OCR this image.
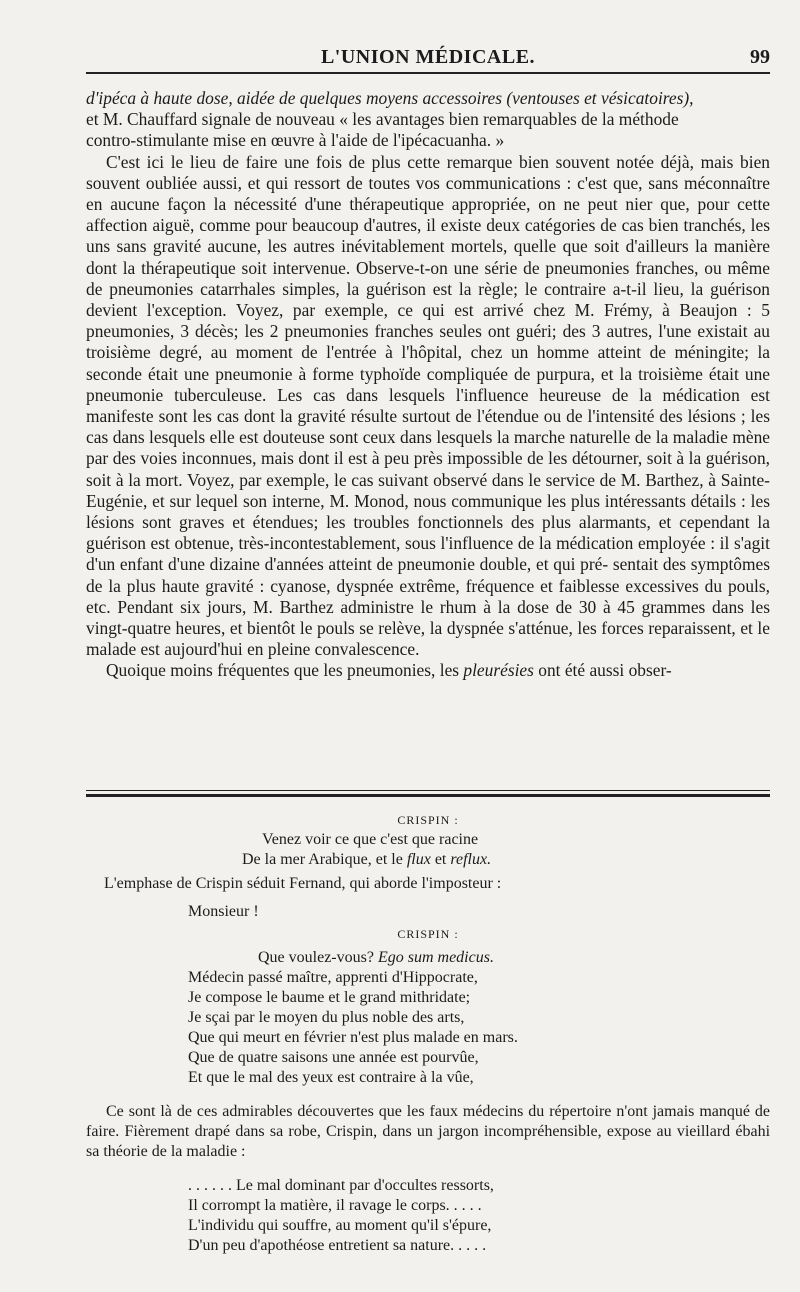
L'UNION MÉDICALE.	99

d'ipéca à haute dose, aidée de quelques moyens accessoires (ventouses et vésicatoires),
et M. Chauffard signale de nouveau « les avantages bien remarquables de la méthode
contro-stimulante mise en œuvre à l'aide de l'ipécacuanha. »

C'est ici le lieu de faire une fois de plus cette remarque bien souvent notée déjà, mais bien souvent oubliée aussi, et qui ressort de toutes vos communications : c'est que, sans méconnaître en aucune façon la nécessité d'une thérapeutique appropriée, on ne peut nier que, pour cette affection aiguë, comme pour beaucoup d'autres, il existe deux catégories de cas bien tranchés, les uns sans gravité aucune, les autres inévitablement mortels, quelle que soit d'ailleurs la manière dont la thérapeutique soit intervenue. Observe-t-on une série de pneumonies franches, ou même de pneumonies catarrhales simples, la guérison est la règle; le contraire a-t-il lieu, la guérison devient l'exception. Voyez, par exemple, ce qui est arrivé chez M. Frémy, à Beaujon : 5 pneumonies, 3 décès; les 2 pneumonies franches seules ont guéri; des 3 autres, l'une existait au troisième degré, au moment de l'entrée à l'hôpital, chez un homme atteint de méningite; la seconde était une pneumonie à forme typhoïde compliquée de purpura, et la troisième était une pneumonie tuberculeuse. Les cas dans lesquels l'influence heureuse de la médication est manifeste sont les cas dont la gravité résulte surtout de l'étendue ou de l'intensité des lésions ; les cas dans lesquels elle est douteuse sont ceux dans lesquels la marche naturelle de la maladie mène par des voies inconnues, mais dont il est à peu près impossible de les détourner, soit à la guérison, soit à la mort. Voyez, par exemple, le cas suivant observé dans le service de M. Barthez, à Sainte-Eugénie, et sur lequel son interne, M. Monod, nous communique les plus intéressants détails : les lésions sont graves et étendues; les troubles fonctionnels des plus alarmants, et cependant la guérison est obtenue, très-incontestablement, sous l'influence de la médication employée : il s'agit d'un enfant d'une dizaine d'années atteint de pneumonie double, et qui pré- sentait des symptômes de la plus haute gravité : cyanose, dyspnée extrême, fréquence et faiblesse excessives du pouls, etc. Pendant six jours, M. Barthez administre le rhum à la dose de 30 à 45 grammes dans les vingt-quatre heures, et bientôt le pouls se relève, la dyspnée s'atténue, les forces reparaissent, et le malade est aujourd'hui en pleine convalescence.

Quoique moins fréquentes que les pneumonies, les pleurésies ont été aussi obser-

CRISPIN :

Venez voir ce que c'est que racine

De la mer Arabique, et le flux et reflux.

L'emphase de Crispin séduit Fernand, qui aborde l'imposteur :

Monsieur !

CRISPIN :

Que voulez-vous? Ego sum medicus.

Médecin passé maître, apprenti d'Hippocrate,

Je compose le baume et le grand mithridate;

Je sçai par le moyen du plus noble des arts,

Que qui meurt en février n'est plus malade en mars.

Que de quatre saisons une année est pourvûe,

Et que le mal des yeux est contraire à la vûe,

Ce sont là de ces admirables découvertes que les faux médecins du répertoire n'ont jamais manqué de faire. Fièrement drapé dans sa robe, Crispin, dans un jargon incompréhensible, expose au vieillard ébahi sa théorie de la maladie :

. . . . . . Le mal dominant par d'occultes ressorts,

Il corrompt la matière, il ravage le corps. . . . .

L'individu qui souffre, au moment qu'il s'épure,

D'un peu d'apothéose entretient sa nature. . . . .
